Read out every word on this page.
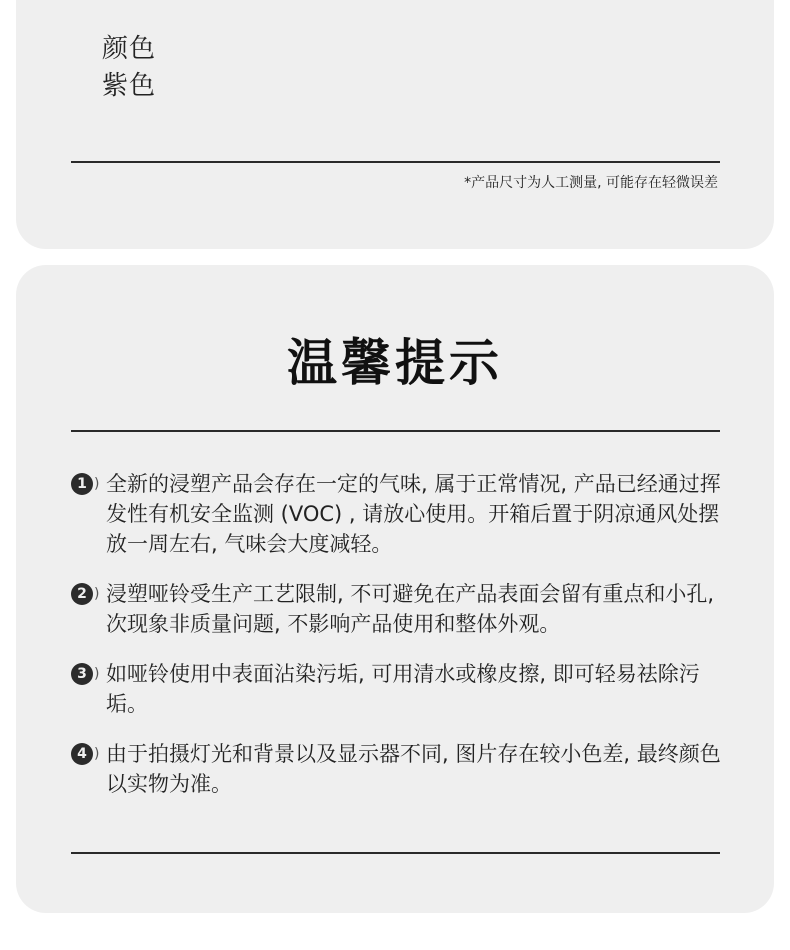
颜色
紫色
*产品尺寸为人工测量, 可能存在轻微误差
温馨提示
1 ) 全新的浸塑产品会存在一定的气味, 属于正常情况, 产品已经通过挥发性有机安全监测 (VOC) , 请放心使用。开箱后置于阴凉通风处摆放一周左右, 气味会大度减轻。
2 ) 浸塑哑铃受生产工艺限制, 不可避免在产品表面会留有重点和小孔, 次现象非质量问题, 不影响产品使用和整体外观。
3 ) 如哑铃使用中表面沾染污垢, 可用清水或橡皮擦, 即可轻易祛除污垢。
4 ) 由于拍摄灯光和背景以及显示器不同, 图片存在较小色差, 最终颜色以实物为准。
